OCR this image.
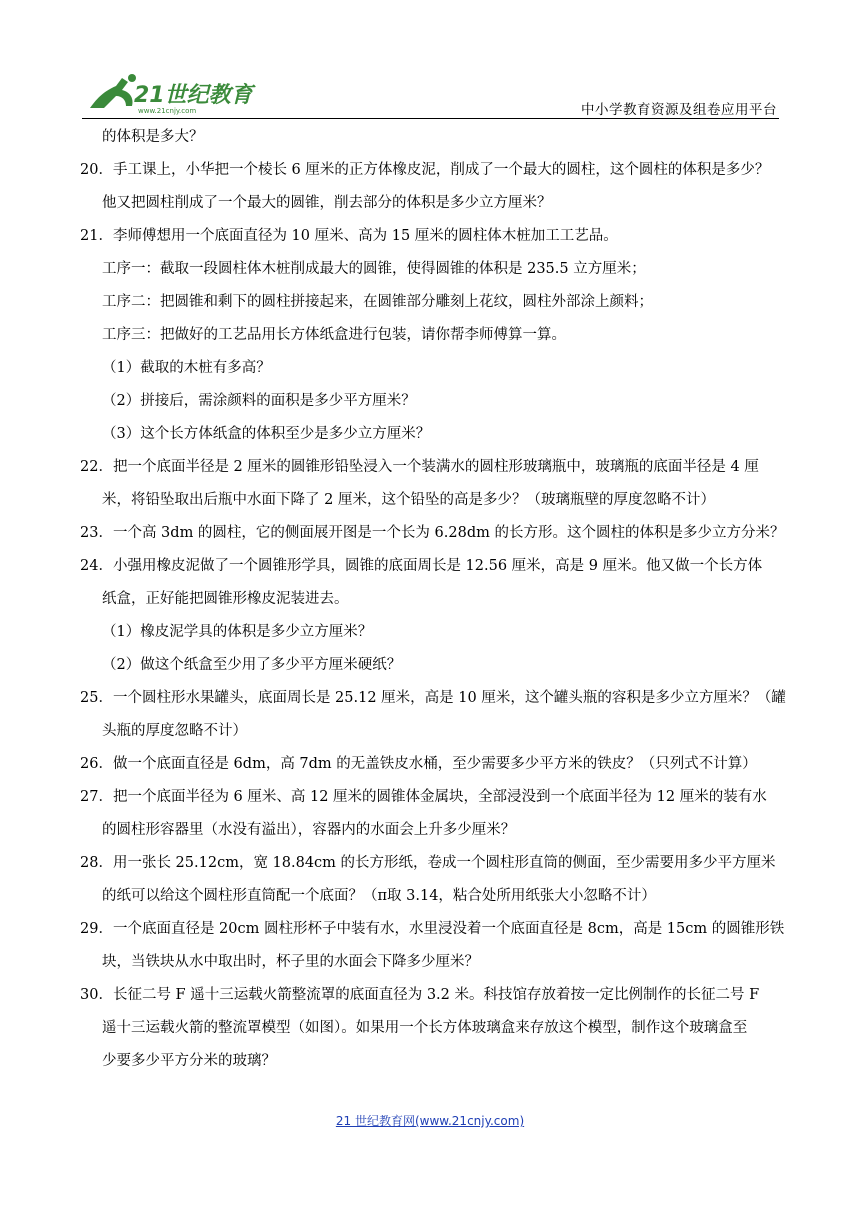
21世纪教育
www.21cnjy.com	中小学教育资源及组卷应用平台
的体积是多大？
20．手工课上，小华把一个棱长 6 厘米的正方体橡皮泥，削成了一个最大的圆柱，这个圆柱的体积是多少？
他又把圆柱削成了一个最大的圆锥，削去部分的体积是多少立方厘米？
21．李师傅想用一个底面直径为 10 厘米、高为 15 厘米的圆柱体木桩加工工艺品。
工序一：截取一段圆柱体木桩削成最大的圆锥，使得圆锥的体积是 235.5 立方厘米；
工序二：把圆锥和剩下的圆柱拼接起来，在圆锥部分雕刻上花纹，圆柱外部涂上颜料；
工序三：把做好的工艺品用长方体纸盒进行包装，请你帮李师傅算一算。
（1）截取的木桩有多高？
（2）拼接后，需涂颜料的面积是多少平方厘米？
（3）这个长方体纸盒的体积至少是多少立方厘米？
22．把一个底面半径是 2 厘米的圆锥形铅坠浸入一个装满水的圆柱形玻璃瓶中，玻璃瓶的底面半径是 4 厘
米，将铅坠取出后瓶中水面下降了 2 厘米，这个铅坠的高是多少？（玻璃瓶壁的厚度忽略不计）
23．一个高 3dm 的圆柱，它的侧面展开图是一个长为 6.28dm 的长方形。这个圆柱的体积是多少立方分米？
24．小强用橡皮泥做了一个圆锥形学具，圆锥的底面周长是 12.56 厘米，高是 9 厘米。他又做一个长方体
纸盒，正好能把圆锥形橡皮泥装进去。
（1）橡皮泥学具的体积是多少立方厘米？
（2）做这个纸盒至少用了多少平方厘米硬纸？
25．一个圆柱形水果罐头，底面周长是 25.12 厘米，高是 10 厘米，这个罐头瓶的容积是多少立方厘米？（罐
头瓶的厚度忽略不计）
26．做一个底面直径是 6dm，高 7dm 的无盖铁皮水桶，至少需要多少平方米的铁皮？（只列式不计算）
27．把一个底面半径为 6 厘米、高 12 厘米的圆锥体金属块，全部浸没到一个底面半径为 12 厘米的装有水
的圆柱形容器里（水没有溢出），容器内的水面会上升多少厘米？
28．用一张长 25.12cm，宽 18.84cm 的长方形纸，卷成一个圆柱形直筒的侧面，至少需要用多少平方厘米
的纸可以给这个圆柱形直筒配一个底面？（π取 3.14，粘合处所用纸张大小忽略不计）
29．一个底面直径是 20cm 圆柱形杯子中装有水，水里浸没着一个底面直径是 8cm，高是 15cm 的圆锥形铁
块，当铁块从水中取出时，杯子里的水面会下降多少厘米？
30．长征二号 F 遥十三运载火箭整流罩的底面直径为 3.2 米。科技馆存放着按一定比例制作的长征二号 F
遥十三运载火箭的整流罩模型（如图）。如果用一个长方体玻璃盒来存放这个模型，制作这个玻璃盒至
少要多少平方分米的玻璃？
21 世纪教育网(www.21cnjy.com)
